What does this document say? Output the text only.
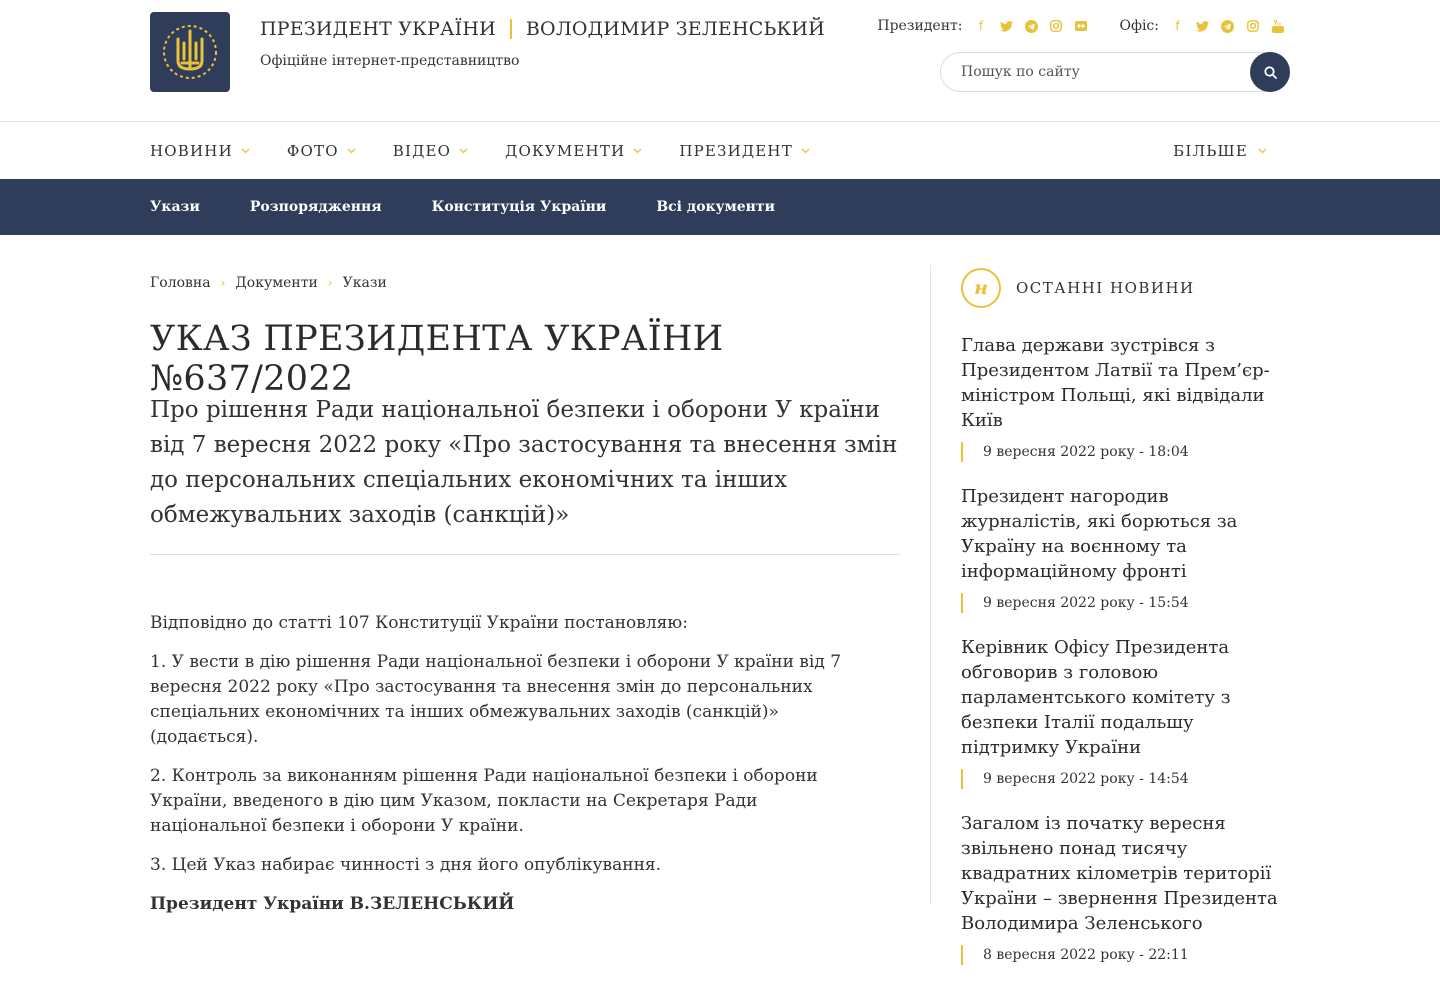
ПРЕЗИДЕНТ УКРАЇНИ ВОЛОДИМИР ЗЕЛЕНСЬКИЙ
Офіційне інтернет-представництво
Президент:	f	Офіс:	f
Пошук по сайту
НОВИНИ	ФОТО	ВІДЕО	ДОКУМЕНТИ	ПРЕЗИДЕНТ	БІЛЬШЕ
Укази	Розпорядження	Конституція України	Всі документи
Головна › Документи › Укази
УКАЗ ПРЕЗИДЕНТА УКРАЇНИ №637/2022
Про рішення Ради національної безпеки і оборони У країни від 7 вересня 2022 року «Про застосування та внесення змін до персональних спеціальних економічних та інших обмежувальних заходів (санкцій)»

Відповідно до статті 107 Конституції України постановляю:

1. У вести в дію рішення Ради національної безпеки і оборони У країни від 7 вересня 2022 року «Про застосування та внесення змін до персональних спеціальних економічних та інших обмежувальних заходів (санкцій)» (додається).

2. Контроль за виконанням рішення Ради національної безпеки і оборони України, введеного в дію цим Указом, покласти на Секретаря Ради національної безпеки і оборони У країни.

3. Цей Указ набирає чинності з дня його опублікування.

Президент України В.ЗЕЛЕНСЬКИЙ

н	ОСТАННІ НОВИНИ
Глава держави зустрівся з Президентом Латвії та Прем’єр-міністром Польщі, які відвідали Київ
9 вересня 2022 року - 18:04
Президент нагородив журналістів, які борються за Україну на воєнному та інформаційному фронті
9 вересня 2022 року - 15:54
Керівник Офісу Президента обговорив з головою парламентського комітету з безпеки Італії подальшу підтримку України
9 вересня 2022 року - 14:54
Загалом із початку вересня звільнено понад тисячу квадратних кілометрів території України – звернення Президента Володимира Зеленського
8 вересня 2022 року - 22:11
